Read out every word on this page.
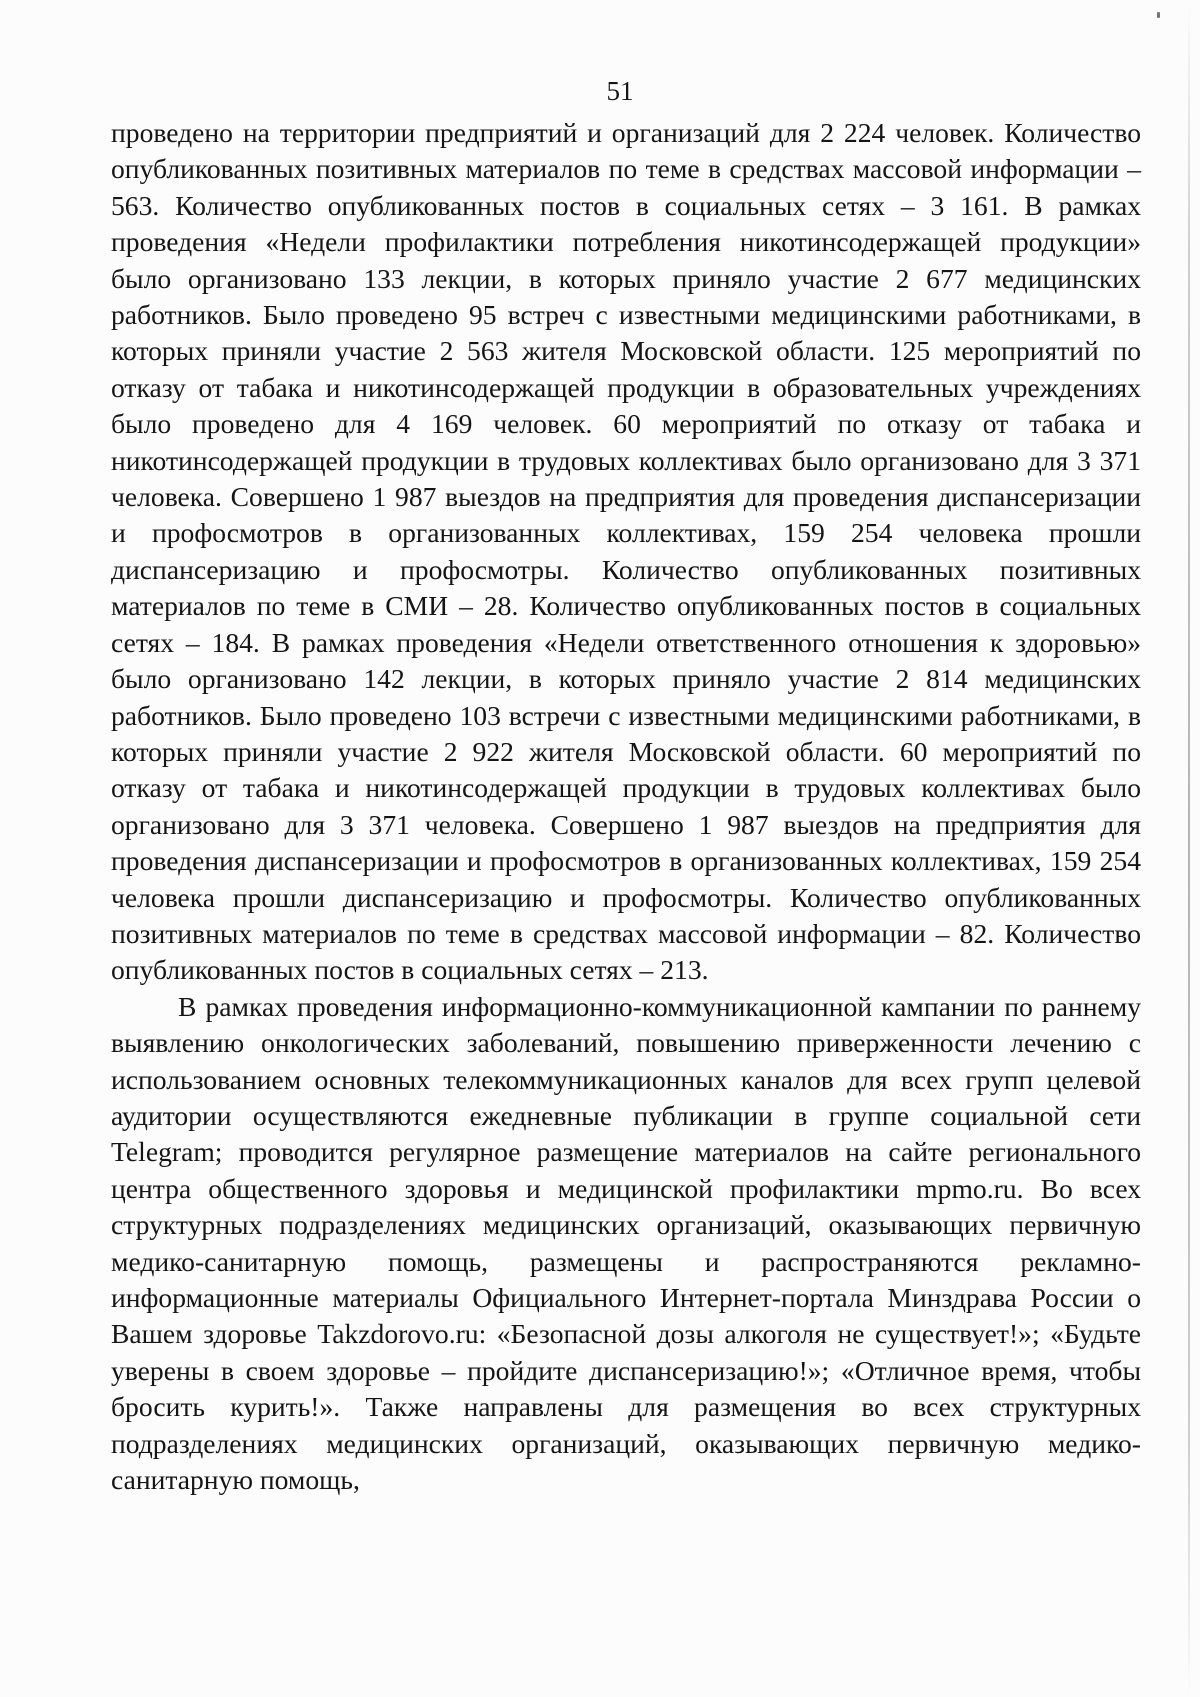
51

проведено на территории предприятий и организаций для 2 224 человек. Количество опубликованных позитивных материалов по теме в средствах массовой информации – 563. Количество опубликованных постов в социальных сетях – 3 161. В рамках проведения «Недели профилактики потребления никотинсодержащей продукции» было организовано 133 лекции, в которых приняло участие 2 677 медицинских работников. Было проведено 95 встреч с известными медицинскими работниками, в которых приняли участие 2 563 жителя Московской области. 125 мероприятий по отказу от табака и никотинсодержащей продукции в образовательных учреждениях было проведено для 4 169 человек. 60 мероприятий по отказу от табака и никотинсодержащей продукции в трудовых коллективах было организовано для 3 371 человека. Совершено 1 987 выездов на предприятия для проведения диспансеризации и профосмотров в организованных коллективах, 159 254 человека прошли диспансеризацию и профосмотры. Количество опубликованных позитивных материалов по теме в СМИ – 28. Количество опубликованных постов в социальных сетях – 184. В рамках проведения «Недели ответственного отношения к здоровью» было организовано 142 лекции, в которых приняло участие 2 814 медицинских работников. Было проведено 103 встречи с известными медицинскими работниками, в которых приняли участие 2 922 жителя Московской области. 60 мероприятий по отказу от табака и никотинсодержащей продукции в трудовых коллективах было организовано для 3 371 человека. Совершено 1 987 выездов на предприятия для проведения диспансеризации и профосмотров в организованных коллективах, 159 254 человека прошли диспансеризацию и профосмотры. Количество опубликованных позитивных материалов по теме в средствах массовой информации – 82. Количество опубликованных постов в социальных сетях – 213.

В рамках проведения информационно-коммуникационной кампании по раннему выявлению онкологических заболеваний, повышению приверженности лечению с использованием основных телекоммуникационных каналов для всех групп целевой аудитории осуществляются ежедневные публикации в группе социальной сети Telegram; проводится регулярное размещение материалов на сайте регионального центра общественного здоровья и медицинской профилактики mpmo.ru. Во всех структурных подразделениях медицинских организаций, оказывающих первичную медико-санитарную помощь, размещены и распространяются рекламно-информационные материалы Официального Интернет-портала Минздрава России о Вашем здоровье Takzdorovo.ru: «Безопасной дозы алкоголя не существует!»; «Будьте уверены в своем здоровье – пройдите диспансеризацию!»; «Отличное время, чтобы бросить курить!». Также направлены для размещения во всех структурных подразделениях медицинских организаций, оказывающих первичную медико-санитарную помощь,
